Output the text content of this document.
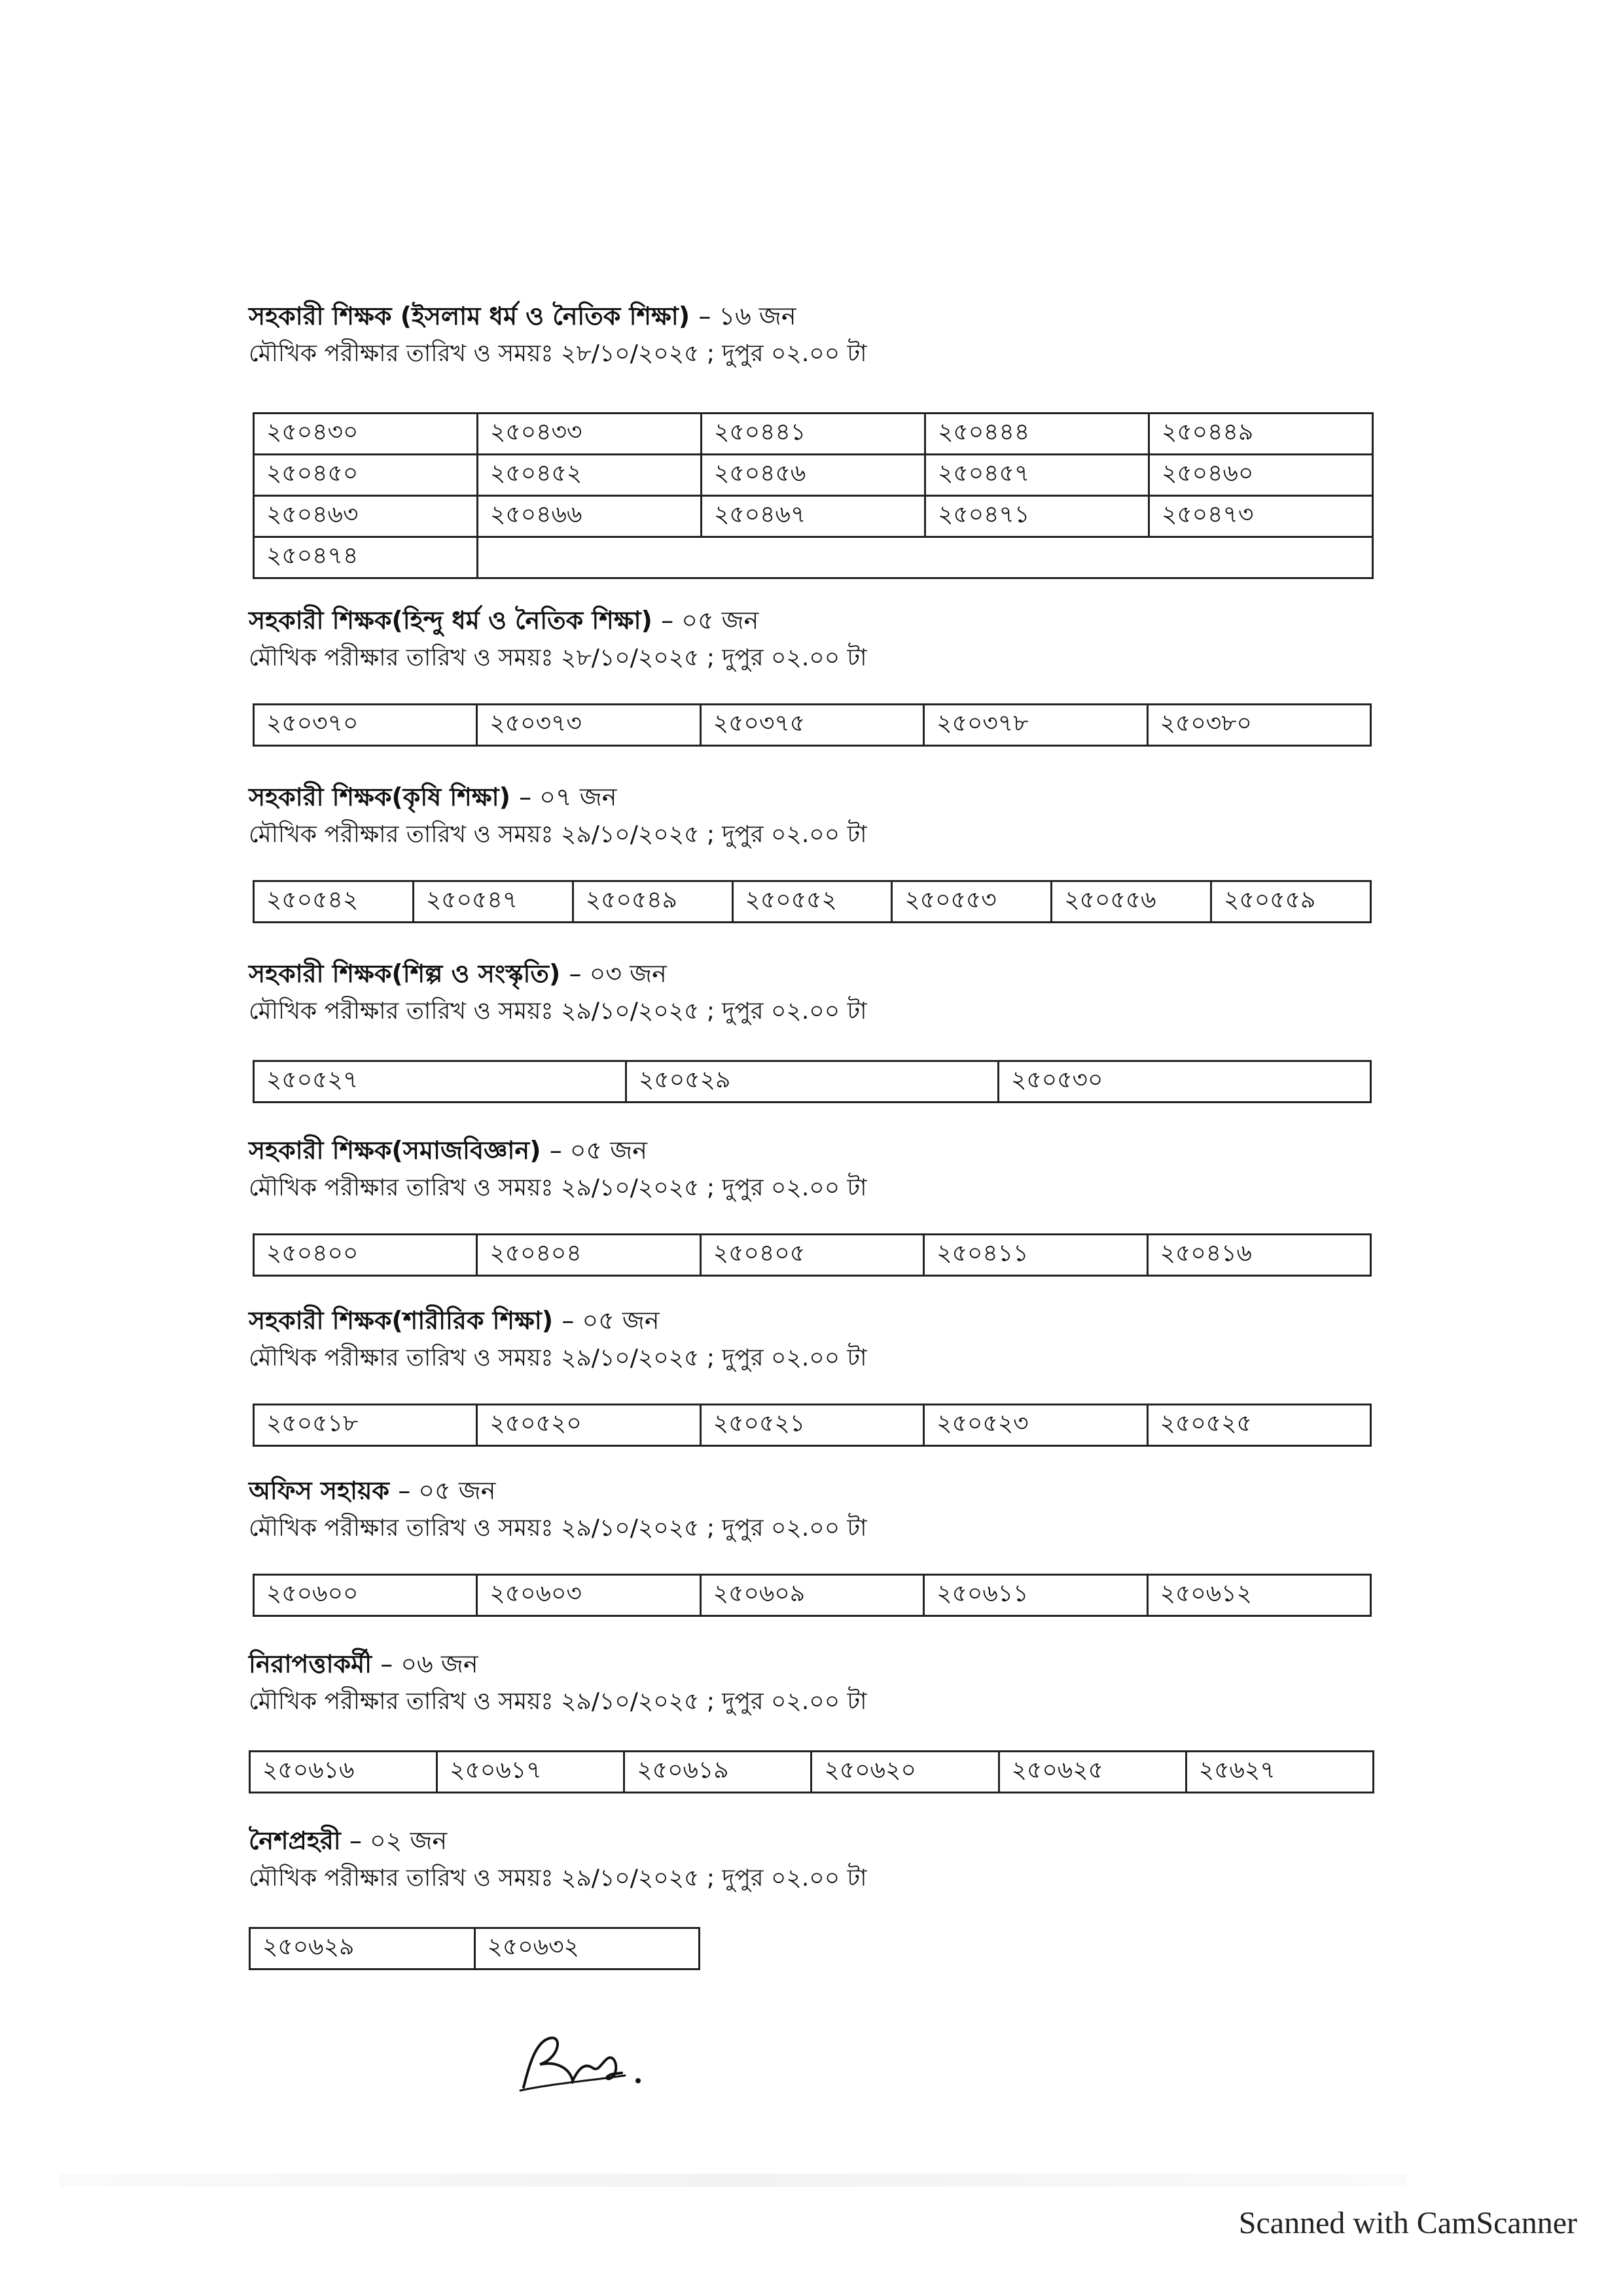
সহকারী শিক্ষক (ইসলাম ধর্ম ও নৈতিক শিক্ষা) – ১৬ জন
মৌখিক পরীক্ষার তারিখ ও সময়ঃ ২৮/১০/২০২৫ ; দুপুর ০২.০০ টা
২৫০৪৩০	২৫০৪৩৩	২৫০৪৪১	২৫০৪৪৪	২৫০৪৪৯
২৫০৪৫০	২৫০৪৫২	২৫০৪৫৬	২৫০৪৫৭	২৫০৪৬০
২৫০৪৬৩	২৫০৪৬৬	২৫০৪৬৭	২৫০৪৭১	২৫০৪৭৩
২৫০৪৭৪				
সহকারী শিক্ষক(হিন্দু ধর্ম ও নৈতিক শিক্ষা) – ০৫ জন
মৌখিক পরীক্ষার তারিখ ও সময়ঃ ২৮/১০/২০২৫ ; দুপুর ০২.০০ টা
২৫০৩৭০	২৫০৩৭৩	২৫০৩৭৫	২৫০৩৭৮	২৫০৩৮০
সহকারী শিক্ষক(কৃষি শিক্ষা) – ০৭ জন
মৌখিক পরীক্ষার তারিখ ও সময়ঃ ২৯/১০/২০২৫ ; দুপুর ০২.০০ টা
২৫০৫৪২	২৫০৫৪৭	২৫০৫৪৯	২৫০৫৫২	২৫০৫৫৩	২৫০৫৫৬	২৫০৫৫৯
সহকারী শিক্ষক(শিল্প ও সংস্কৃতি) – ০৩ জন
মৌখিক পরীক্ষার তারিখ ও সময়ঃ ২৯/১০/২০২৫ ; দুপুর ০২.০০ টা
২৫০৫২৭	২৫০৫২৯	২৫০৫৩০
সহকারী শিক্ষক(সমাজবিজ্ঞান) – ০৫ জন
মৌখিক পরীক্ষার তারিখ ও সময়ঃ ২৯/১০/২০২৫ ; দুপুর ০২.০০ টা
২৫০৪০০	২৫০৪০৪	২৫০৪০৫	২৫০৪১১	২৫০৪১৬
সহকারী শিক্ষক(শারীরিক শিক্ষা) – ০৫ জন
মৌখিক পরীক্ষার তারিখ ও সময়ঃ ২৯/১০/২০২৫ ; দুপুর ০২.০০ টা
২৫০৫১৮	২৫০৫২০	২৫০৫২১	২৫০৫২৩	২৫০৫২৫
অফিস সহায়ক – ০৫ জন
মৌখিক পরীক্ষার তারিখ ও সময়ঃ ২৯/১০/২০২৫ ; দুপুর ০২.০০ টা
২৫০৬০০	২৫০৬০৩	২৫০৬০৯	২৫০৬১১	২৫০৬১২
নিরাপত্তাকর্মী – ০৬ জন
মৌখিক পরীক্ষার তারিখ ও সময়ঃ ২৯/১০/২০২৫ ; দুপুর ০২.০০ টা
২৫০৬১৬	২৫০৬১৭	২৫০৬১৯	২৫০৬২০	২৫০৬২৫	২৫৬২৭
নৈশপ্রহরী – ০২ জন
মৌখিক পরীক্ষার তারিখ ও সময়ঃ ২৯/১০/২০২৫ ; দুপুর ০২.০০ টা
২৫০৬২৯	২৫০৬৩২
Scanned with CamScanner
